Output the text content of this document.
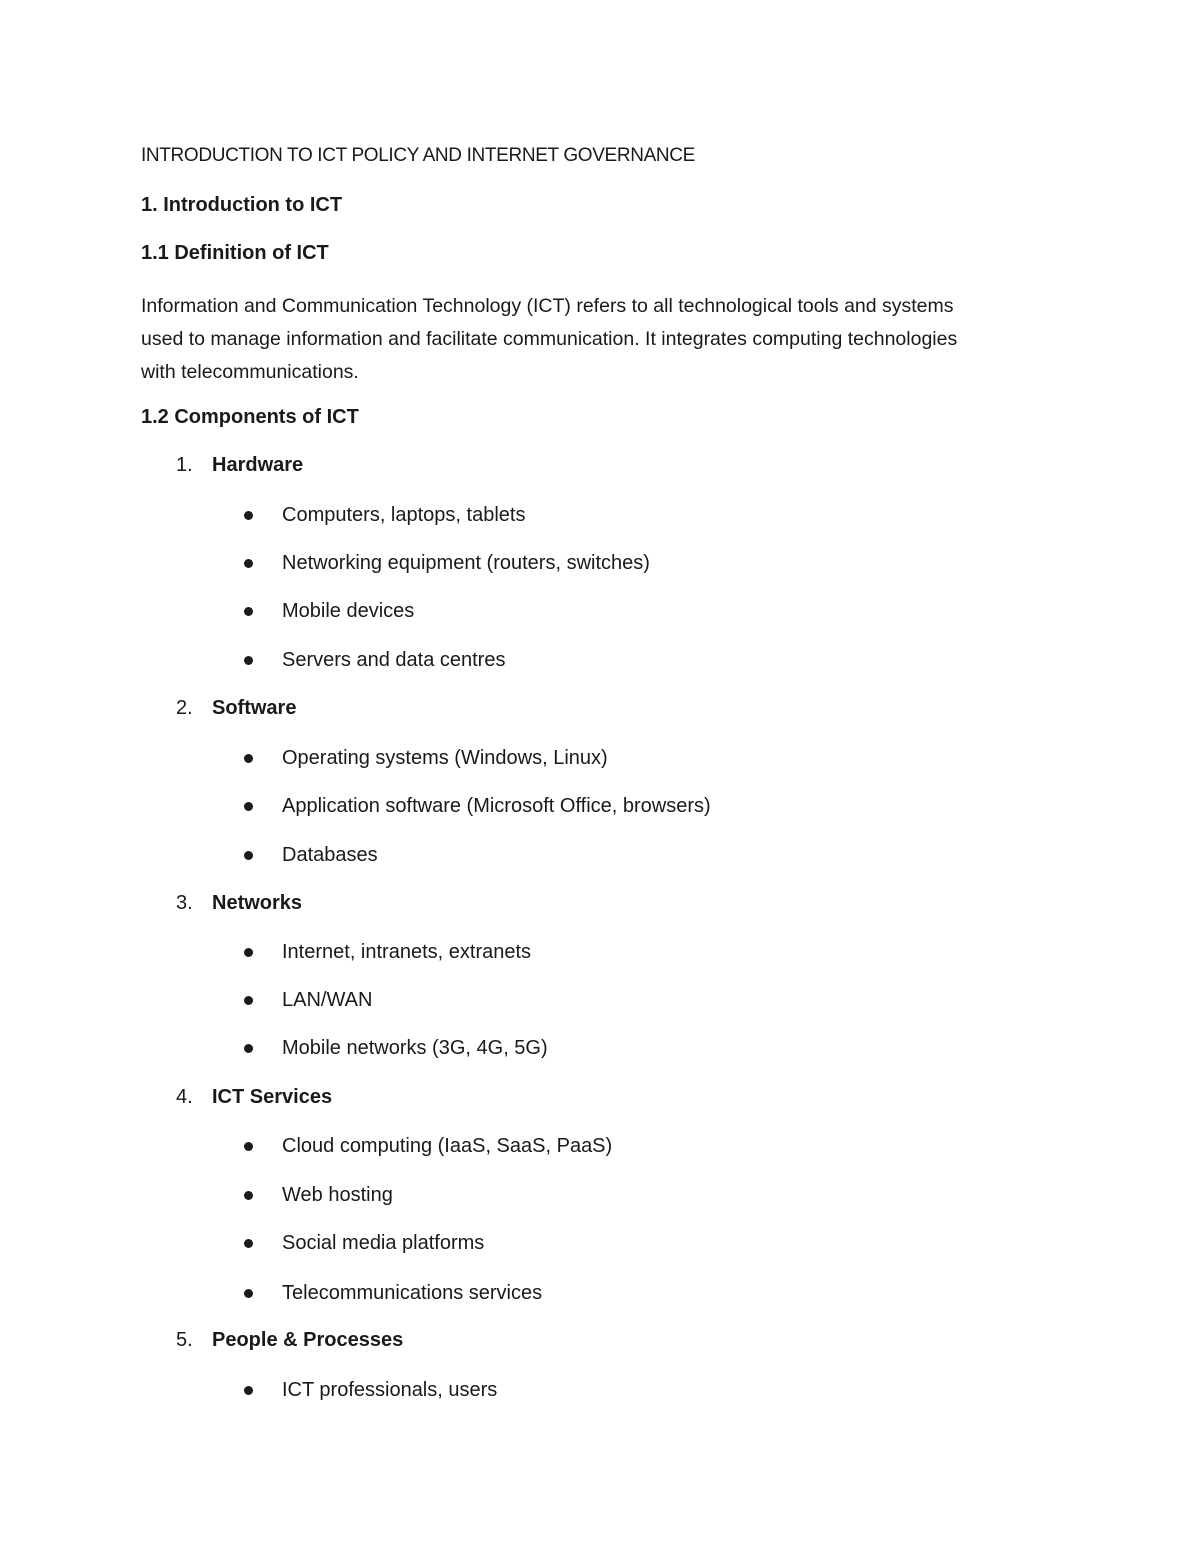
INTRODUCTION TO ICT POLICY AND INTERNET GOVERNANCE
1. Introduction to ICT
1.1 Definition of ICT
Information and Communication Technology (ICT) refers to all technological tools and systems
used to manage information and facilitate communication. It integrates computing technologies
with telecommunications.
1.2 Components of ICT
1. Hardware
Computers, laptops, tablets
Networking equipment (routers, switches)
Mobile devices
Servers and data centres
2. Software
Operating systems (Windows, Linux)
Application software (Microsoft Office, browsers)
Databases
3. Networks
Internet, intranets, extranets
LAN/WAN
Mobile networks (3G, 4G, 5G)
4. ICT Services
Cloud computing (IaaS, SaaS, PaaS)
Web hosting
Social media platforms
Telecommunications services
5. People & Processes
ICT professionals, users
